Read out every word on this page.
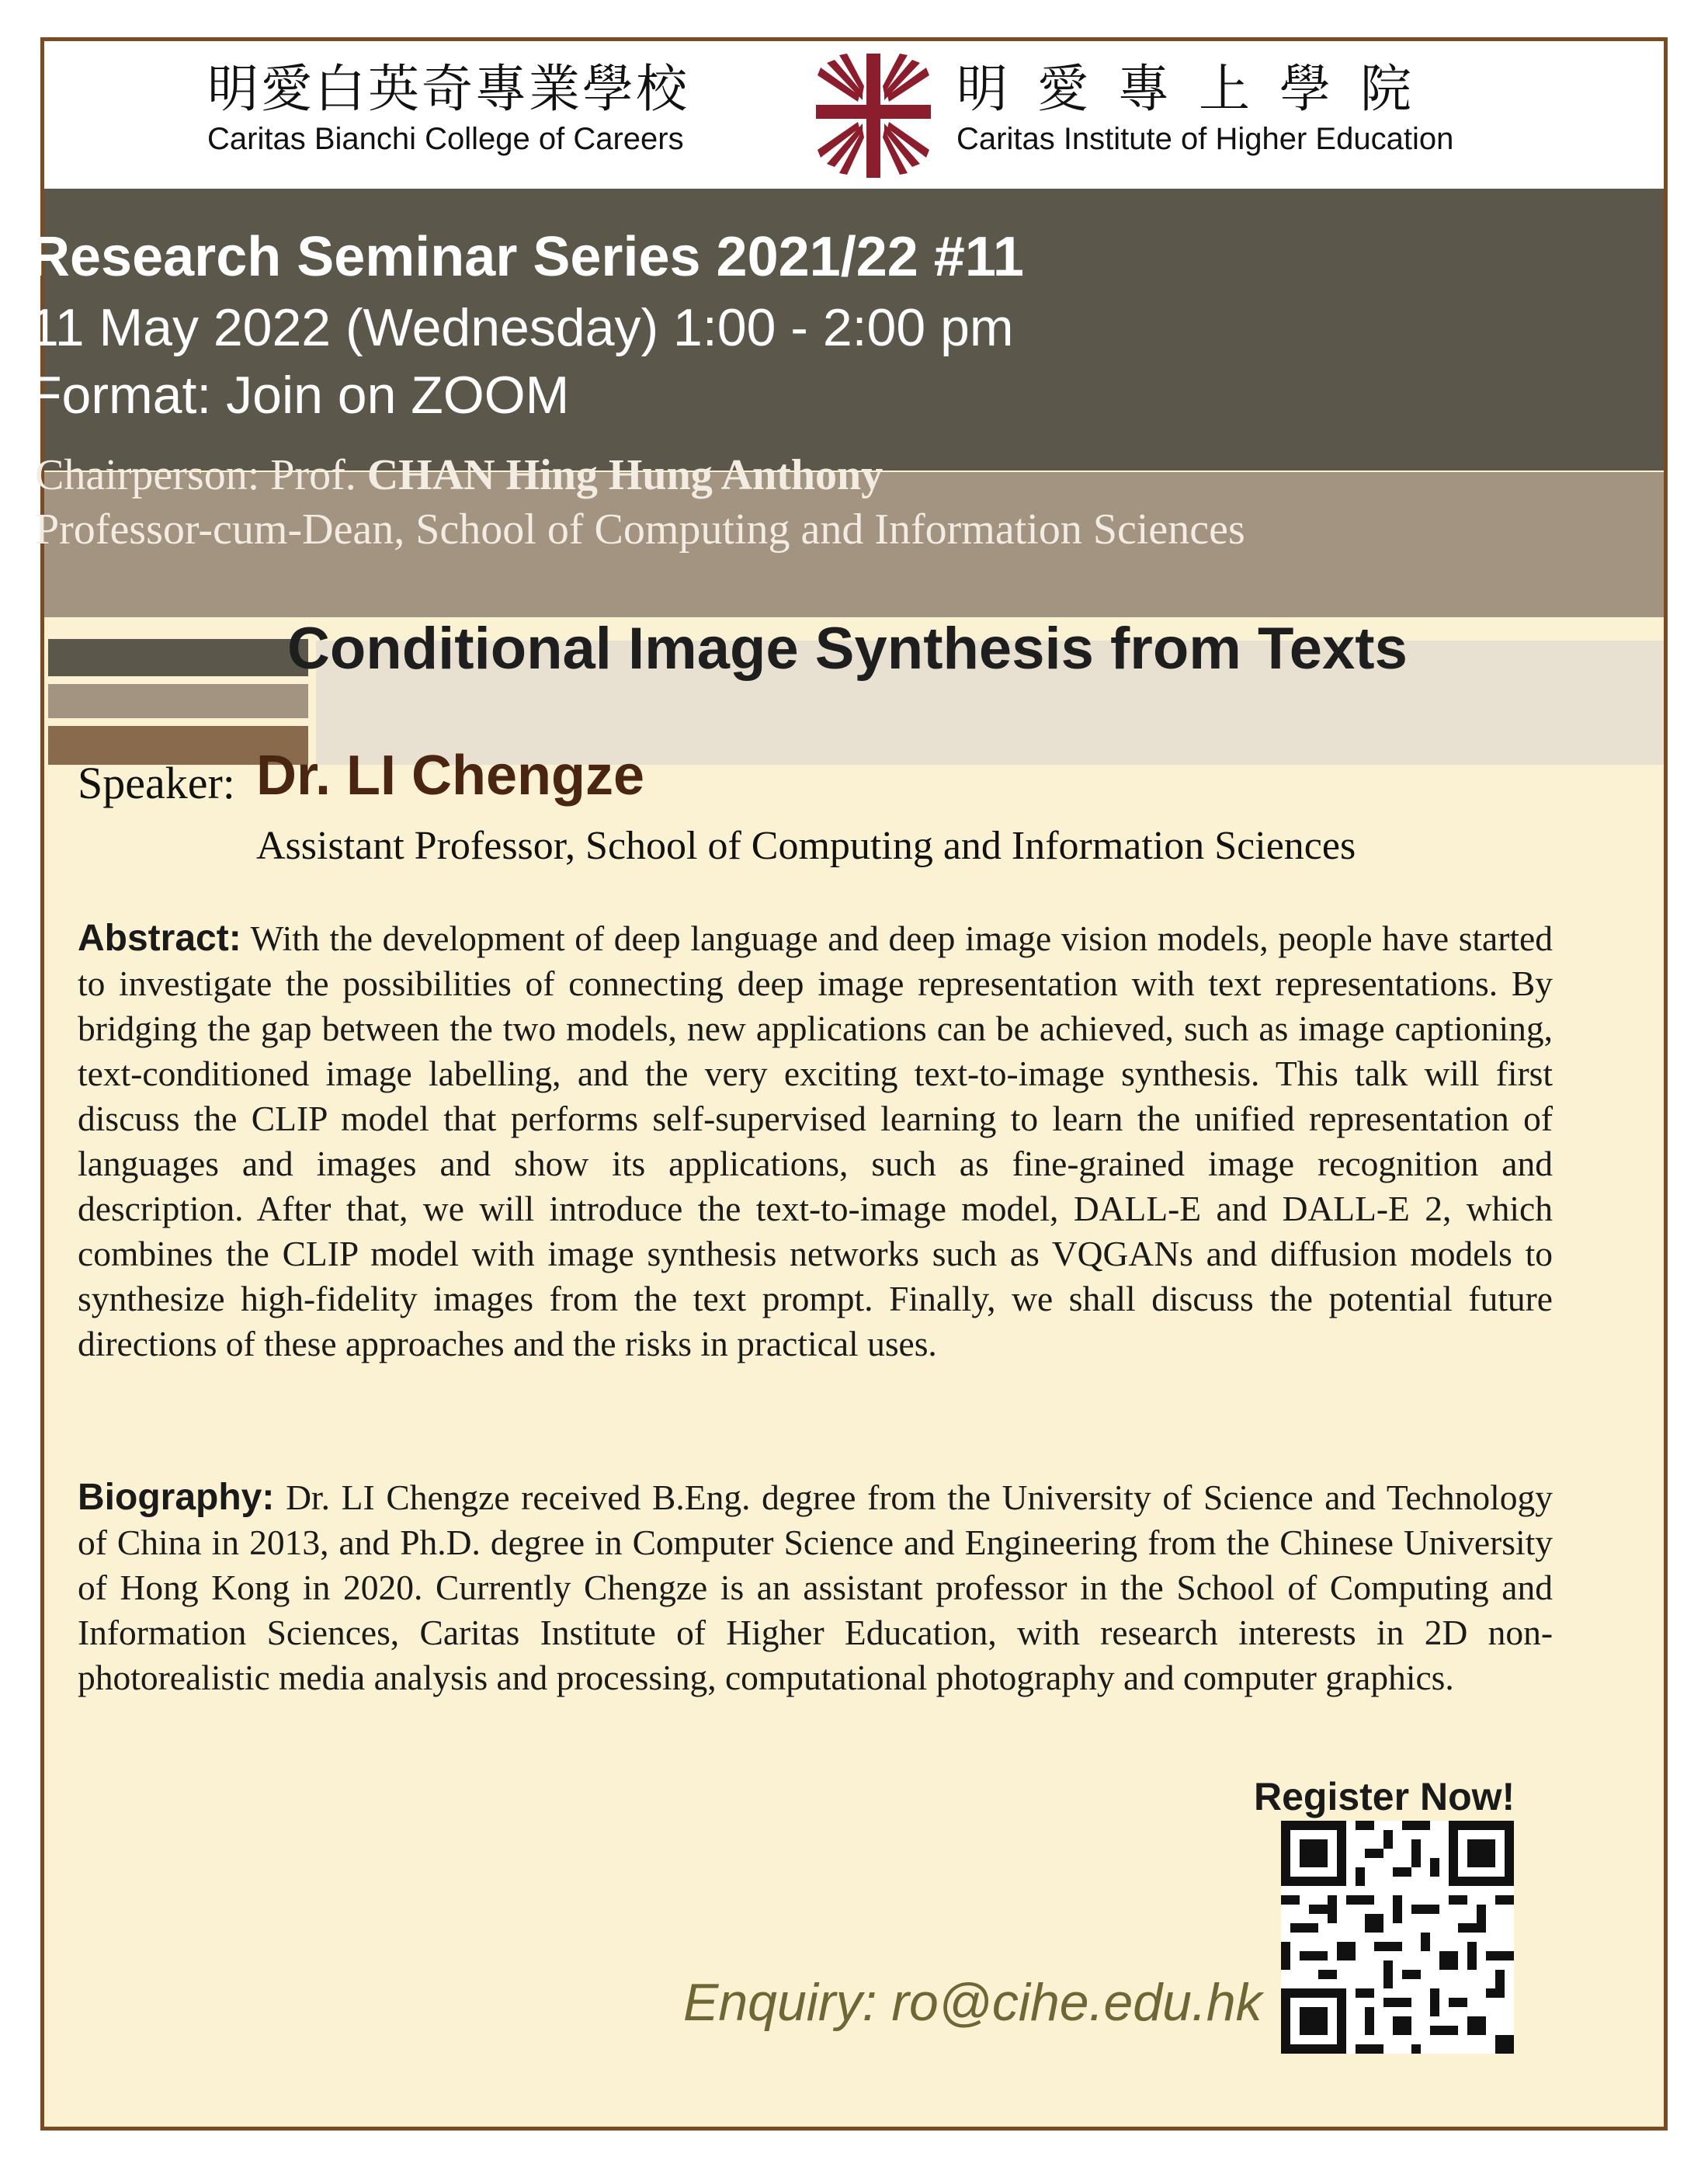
明愛白英奇專業學校
Caritas Bianchi College of Careers
明愛專上學院
Caritas Institute of Higher Education
Research Seminar Series 2021/22 #11
11 May 2022 (Wednesday) 1:00 - 2:00 pm
Format: Join on ZOOM
Chairperson: Prof. CHAN Hing Hung Anthony
Professor-cum-Dean, School of Computing and Information Sciences
Conditional Image Synthesis from Texts
Speaker: Dr. LI Chengze
Assistant Professor, School of Computing and Information Sciences
Abstract: With the development of deep language and deep image vision models, people have started to investigate the possibilities of connecting deep image representation with text representations. By bridging the gap between the two models, new applications can be achieved, such as image captioning, text-conditioned image labelling, and the very exciting text-to-image synthesis. This talk will first discuss the CLIP model that performs self-supervised learning to learn the unified representation of languages and images and show its applications, such as fine-grained image recognition and description. After that, we will introduce the text-to-image model, DALL-E and DALL-E 2, which combines the CLIP model with image synthesis networks such as VQGANs and diffusion models to synthesize high-fidelity images from the text prompt. Finally, we shall discuss the potential future directions of these approaches and the risks in practical uses.
Biography: Dr. LI Chengze received B.Eng. degree from the University of Science and Technology of China in 2013, and Ph.D. degree in Computer Science and Engineering from the Chinese University of Hong Kong in 2020. Currently Chengze is an assistant professor in the School of Computing and Information Sciences, Caritas Institute of Higher Education, with research interests in 2D non-photorealistic media analysis and processing, computational photography and computer graphics.
Register Now!
Enquiry: ro@cihe.edu.hk
